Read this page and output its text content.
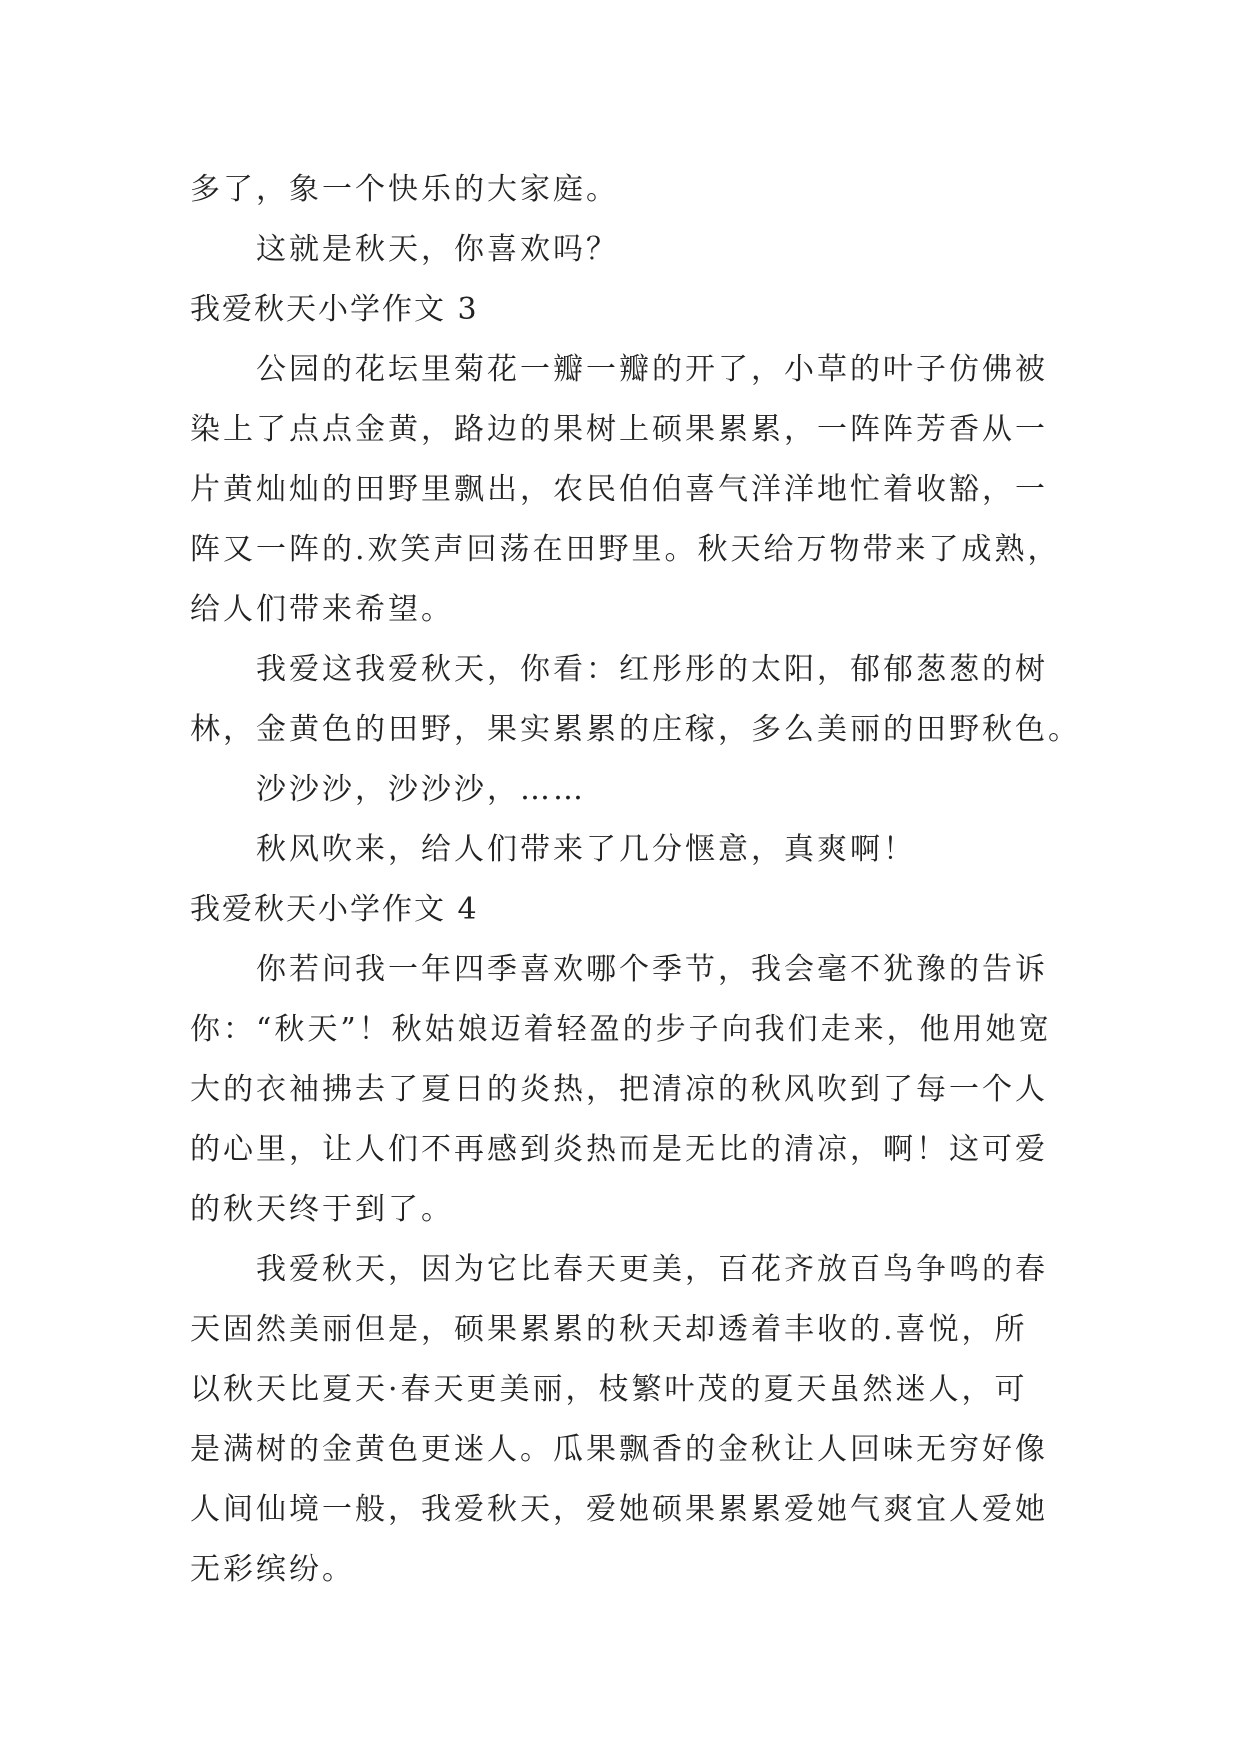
多了，象一个快乐的大家庭。
这就是秋天，你喜欢吗？
我爱秋天小学作文 3
公园的花坛里菊花一瓣一瓣的开了，小草的叶子仿佛被
染上了点点金黄，路边的果树上硕果累累，一阵阵芳香从一
片黄灿灿的田野里飘出，农民伯伯喜气洋洋地忙着收豁，一
阵又一阵的.欢笑声回荡在田野里。秋天给万物带来了成熟，
给人们带来希望。
我爱这我爱秋天，你看：红彤彤的太阳，郁郁葱葱的树
林，金黄色的田野，果实累累的庄稼，多么美丽的田野秋色。
沙沙沙，沙沙沙，……
秋风吹来，给人们带来了几分惬意，真爽啊！
我爱秋天小学作文 4
你若问我一年四季喜欢哪个季节，我会毫不犹豫的告诉
你：“秋天”！秋姑娘迈着轻盈的步子向我们走来，他用她宽
大的衣袖拂去了夏日的炎热，把清凉的秋风吹到了每一个人
的心里，让人们不再感到炎热而是无比的清凉，啊！这可爱
的秋天终于到了。
我爱秋天，因为它比春天更美，百花齐放百鸟争鸣的春
天固然美丽但是，硕果累累的秋天却透着丰收的.喜悦，所
以秋天比夏天·春天更美丽，枝繁叶茂的夏天虽然迷人，可
是满树的金黄色更迷人。瓜果飘香的金秋让人回味无穷好像
人间仙境一般，我爱秋天，爱她硕果累累爱她气爽宜人爱她
无彩缤纷。
